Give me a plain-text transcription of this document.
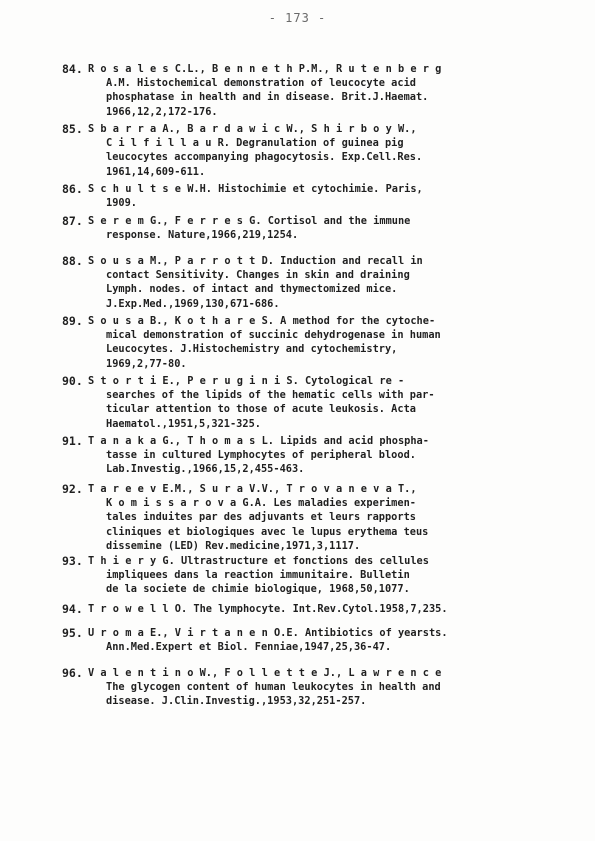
- 173 -
84. R o s a l e s C.L., B e n n e t h P.M., R u t e n b e r g
A.M. Histochemical demonstration of leucocyte acid
phosphatase in health and in disease. Brit.J.Haemat.
1966,12,2,172-176.
85. S b a r r a A., B a r d a w i c W., S h i r b o y W.,
C i l f i l l a u R. Degranulation of guinea pig
leucocytes accompanying phagocytosis. Exp.Cell.Res.
1961,14,609-611.
86. S c h u l t s e W.H. Histochimie et cytochimie. Paris,
1909.
87. S e r e m G., F e r r e s G. Cortisol and the immune
response. Nature,1966,219,1254.
88. S o u s a M., P a r r o t t D. Induction and recall in
contact Sensitivity. Changes in skin and draining
Lymph. nodes. of intact and thymectomized mice.
J.Exp.Med.,1969,130,671-686.
89. S o u s a B., K o t h a r e S. A method for the cytoche-
mical demonstration of succinic dehydrogenase in human
Leucocytes. J.Histochemistry and cytochemistry,
1969,2,77-80.
90. S t o r t i E., P e r u g i n i S. Cytological re -
searches of the lipids of the hematic cells with par-
ticular attention to those of acute leukosis. Acta
Haematol.,1951,5,321-325.
91. T a n a k a G., T h o m a s L. Lipids and acid phospha-
tasse in cultured Lymphocytes of peripheral blood.
Lab.Investig.,1966,15,2,455-463.
92. T a r e e v E.M., S u r a V.V., T r o v a n e v a T.,
K o m i s s a r o v a G.A. Les maladies experimen-
tales induites par des adjuvants et leurs rapports
cliniques et biologiques avec le lupus erythema teus
dissemine (LED) Rev.medicine,1971,3,1117.
93. T h i e r y G. Ultrastructure et fonctions des cellules
impliquees dans la reaction immunitaire. Bulletin
de la societe de chimie biologique, 1968,50,1077.
94. T r o w e l l O. The lymphocyte. Int.Rev.Cytol.1958,7,235.
95. U r o m a E., V i r t a n e n O.E. Antibiotics of yearsts.
Ann.Med.Expert et Biol. Fenniae,1947,25,36-47.
96. V a l e n t i n o W., F o l l e t t e J., L a w r e n c e
The glycogen content of human leukocytes in health and
disease. J.Clin.Investig.,1953,32,251-257.
